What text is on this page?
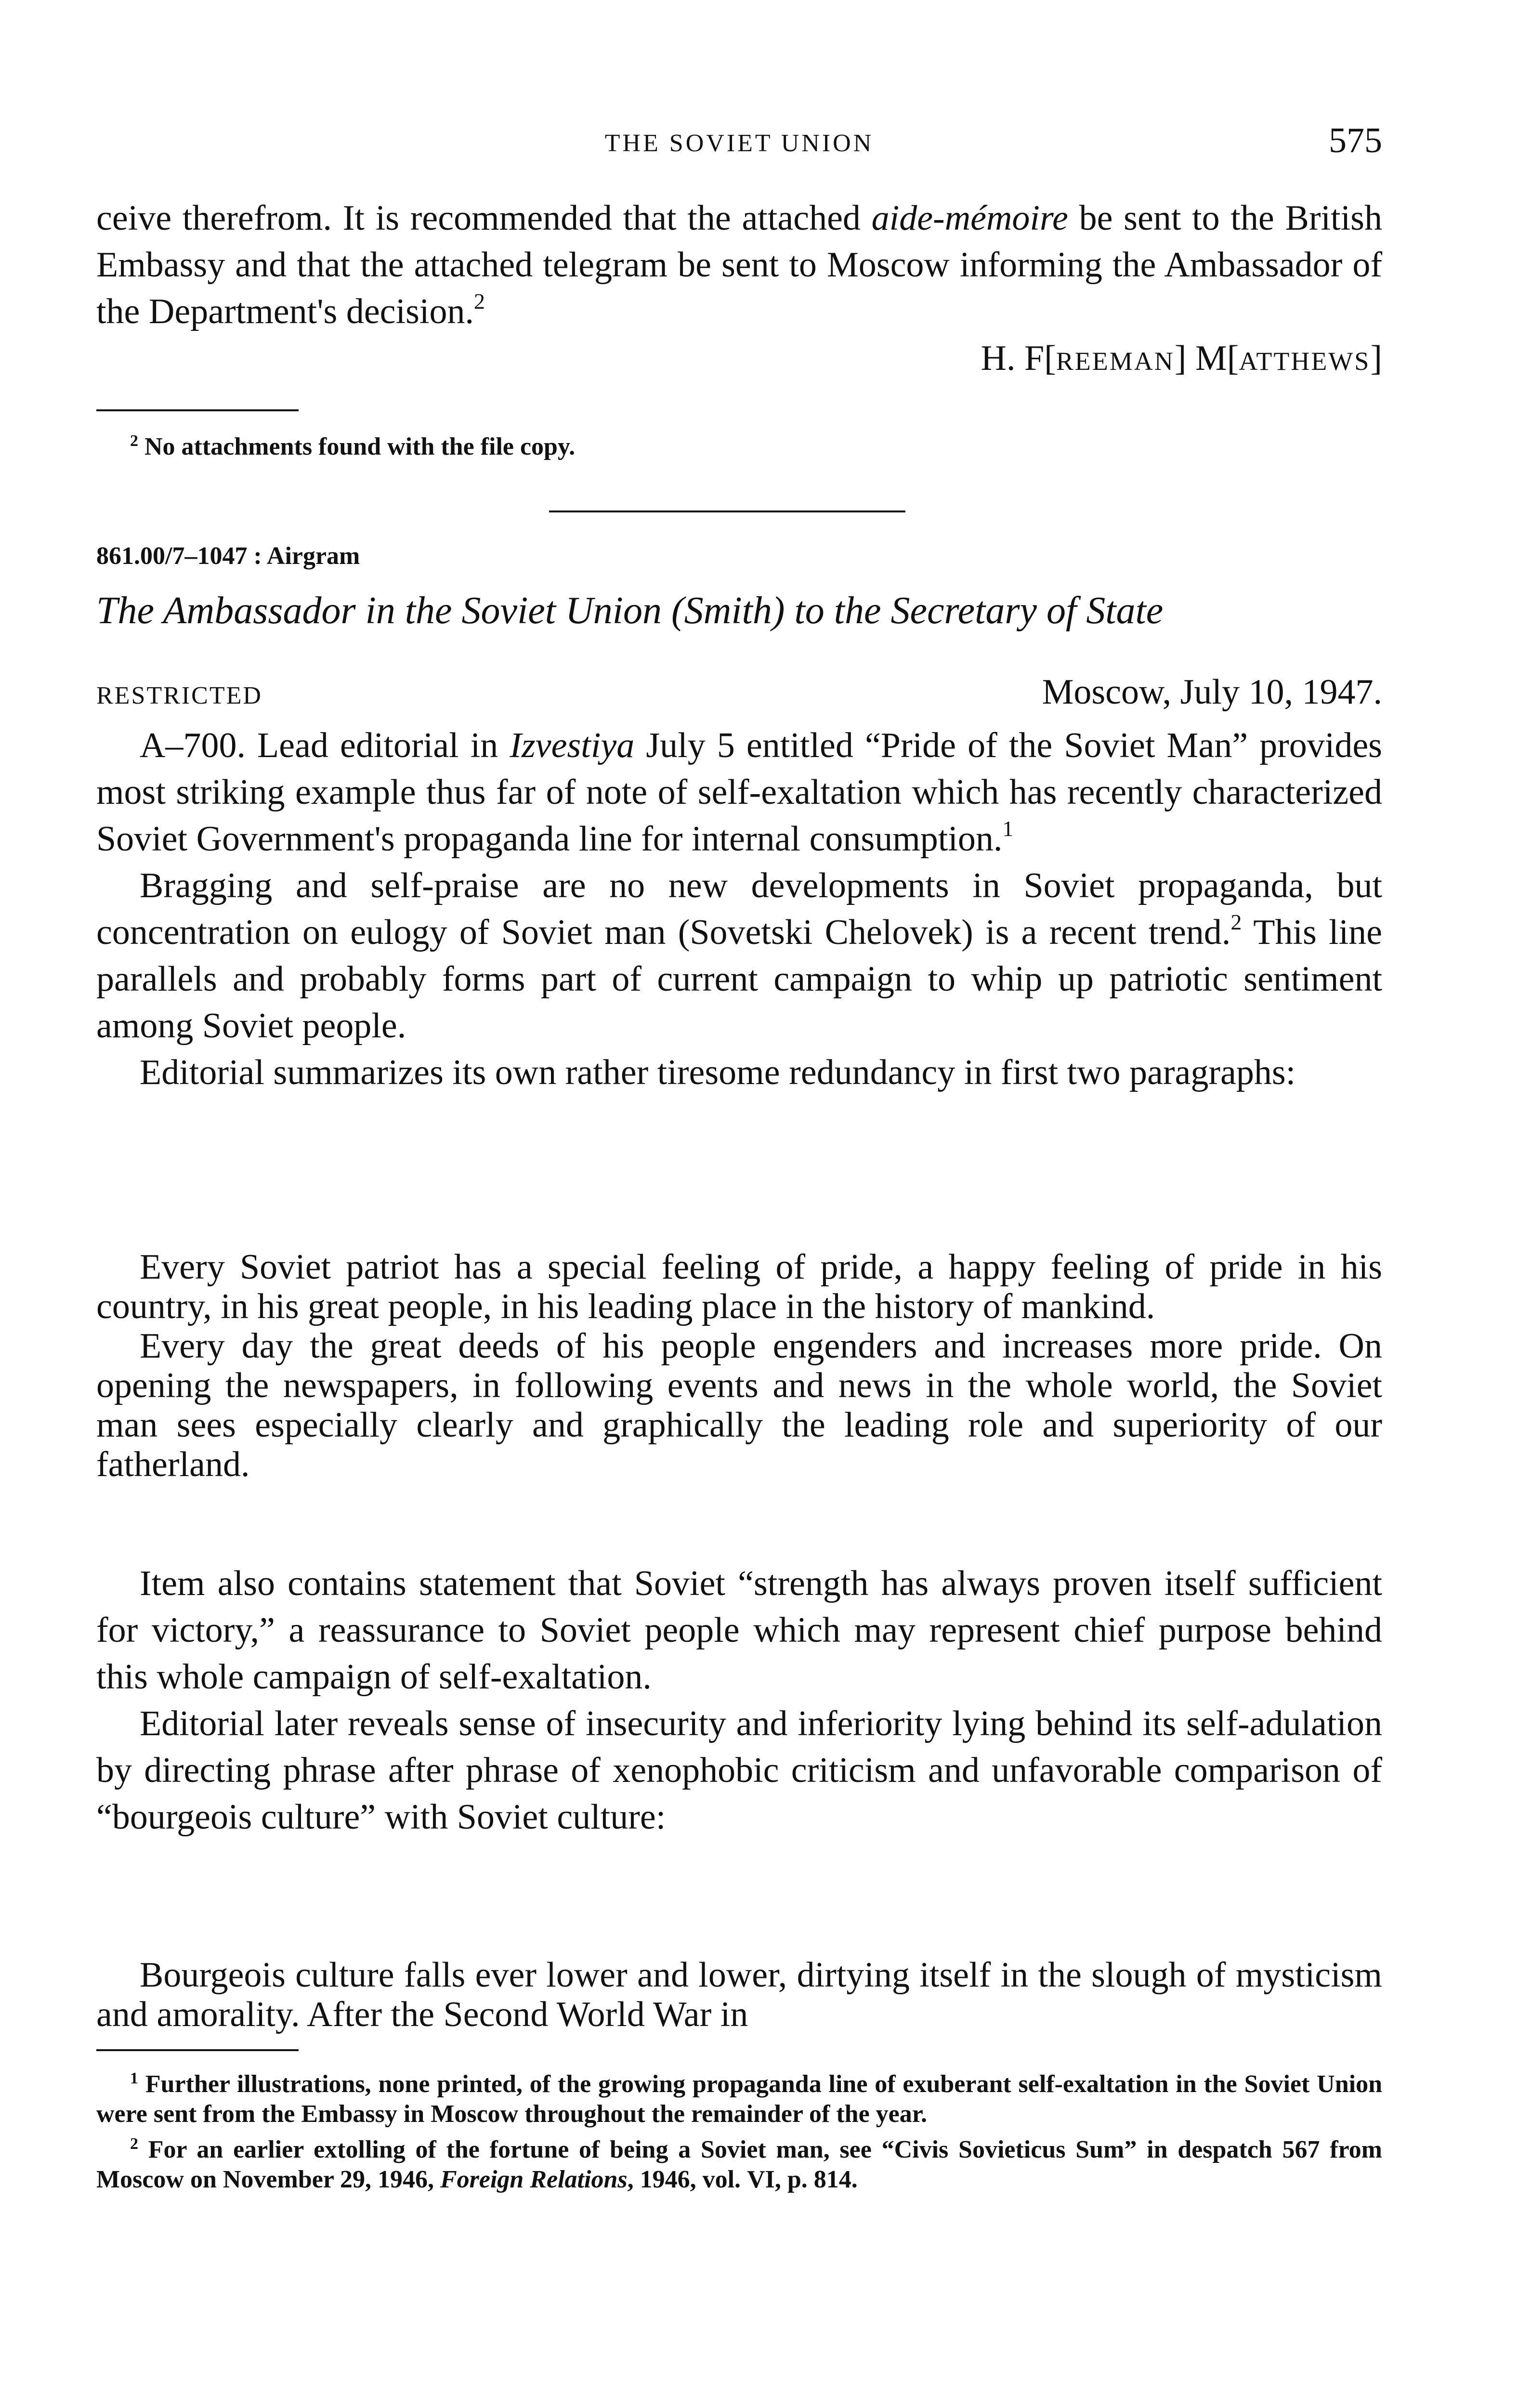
THE SOVIET UNION	575

ceive therefrom. It is recommended that the attached aide-mémoire be sent to the British Embassy and that the attached telegram be sent to Moscow informing the Ambassador of the Department's decision.$^2$

H. F[REEMAN] M[ATTHEWS]

$^2$ No attachments found with the file copy.

861.00/7–1047 : Airgram
The Ambassador in the Soviet Union (Smith) to the Secretary of State
RESTRICTED	Moscow, July 10, 1947.

A–700. Lead editorial in Izvestiya July 5 entitled “Pride of the Soviet Man” provides most striking example thus far of note of self-exaltation which has recently characterized Soviet Government's propaganda line for internal consumption.$^1$

Bragging and self-praise are no new developments in Soviet propaganda, but concentration on eulogy of Soviet man (Sovetski Chelovek) is a recent trend.$^2$ This line parallels and probably forms part of current campaign to whip up patriotic sentiment among Soviet people.

Editorial summarizes its own rather tiresome redundancy in first two paragraphs:

Every Soviet patriot has a special feeling of pride, a happy feeling of pride in his country, in his great people, in his leading place in the history of mankind.

Every day the great deeds of his people engenders and increases more pride. On opening the newspapers, in following events and news in the whole world, the Soviet man sees especially clearly and graphically the leading role and superiority of our fatherland.

Item also contains statement that Soviet “strength has always proven itself sufficient for victory,” a reassurance to Soviet people which may represent chief purpose behind this whole campaign of self-exaltation.

Editorial later reveals sense of insecurity and inferiority lying behind its self-adulation by directing phrase after phrase of xenophobic criticism and unfavorable comparison of “bourgeois culture” with Soviet culture:

Bourgeois culture falls ever lower and lower, dirtying itself in the slough of mysticism and amorality. After the Second World War in

$^1$ Further illustrations, none printed, of the growing propaganda line of exuberant self-exaltation in the Soviet Union were sent from the Embassy in Moscow throughout the remainder of the year.

$^2$ For an earlier extolling of the fortune of being a Soviet man, see “Civis Sovieticus Sum” in despatch 567 from Moscow on November 29, 1946, Foreign Relations, 1946, vol. VI, p. 814.
